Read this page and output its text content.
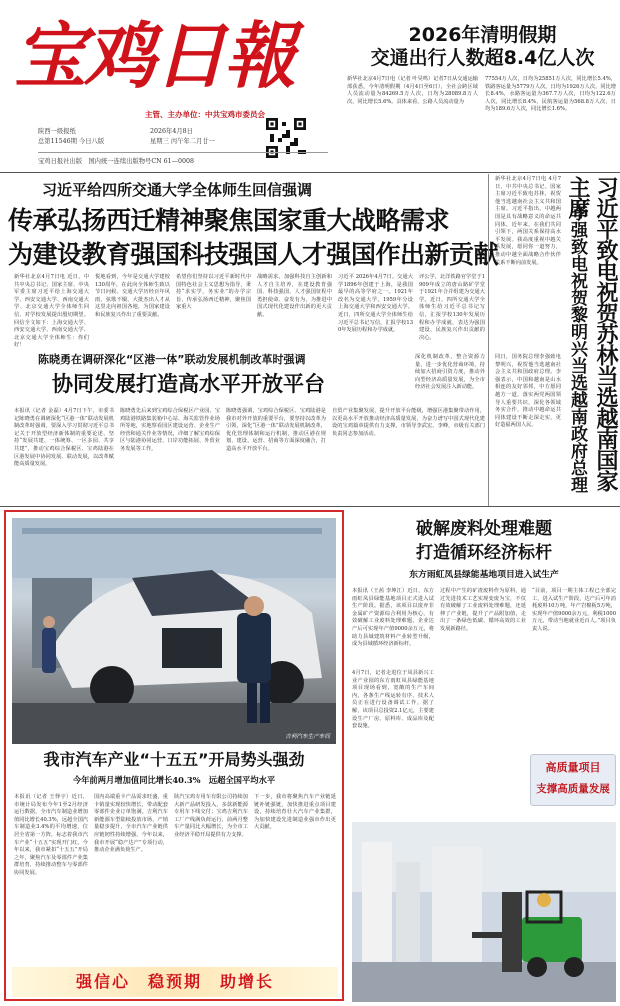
宝鸡日報
主管、主办单位：中共宝鸡市委员会
陕西一级报纸
总第11546期 今日八版
2026年4月8日
星期三 丙午年二月廿一
宝鸡日报社出版　国内统一连续出版物号CN 61—0008
2026年清明假期
交通出行人数超8.4亿人次
新华社北京4月7日电（记者 叶昊鸣）记者7日从交通运输部获悉，今年清明假期（4月4日至6日），全社会跨区域人员流动量为84269.5万人次，日均为28089.8万人次，同比增长5.6%。具体来看，公路人员流动量为
77554万人次，日均为25851万人次，同比增长5.4%，铁路客运量为5779万人次，日均为1926万人次，同比增长8.4%，水路客运量为367.7万人次，日均为122.6万人次，同比增长8.4%，民航客运量为568.8万人次，日均为189.6万人次，同比增长1.6%。
习近平给四所交通大学全体师生回信强调
传承弘扬西迁精神聚焦国家重大战略需求
为建设教育强国科技强国人才强国作出新贡献
新华社北京4月7日电 近日，中共中央总书记、国家主席、中央军委主席习近平给上海交通大学、西安交通大学、西南交通大学、北京交通大学全体师生回信，对学校发展提出殷切期望。回信全文如下：上海交通大学、西安交通大学、西南交通大学、北京交通大学全体师生：你们好！
悦地看到，今年是交通大学建校130周年，在此向全体师生致以节日问候。交通大学历经百年风雨，弦歌不辍，大批杰出人才从这里走向祖国各地，为国家建设和民族复兴作出了重要贡献。
希望你们坚持以习近平新时代中国特色社会主义思想为指导，秉持“求实学，务实业”的办学宗旨，传承弘扬西迁精神，聚焦国家重大
战略需求，加强科技自主创新和人才自主培养，在建设教育强国、科技强国、人才强国征程中勇担使命、奋发有为，为推进中国式现代化建设作出新的更大贡献。
习近平 2026年4月7日。交通大学1896年创建于上海，是我国最早的高等学府之一。1921年改名为交通大学，1959年分设上海交通大学和西安交通大学。近日，四所交通大学全体师生给习近平总书记写信，汇报学校130年发展历程和办学成就。
评公学，北洋铁路官学堂于1909年成立的唐山路矿学堂于1921年合并组建为交通大学。近日，四所交通大学全体师生给习近平总书记写信，汇报学校130年发展历程和办学成就，表达为强国建设、民族复兴作出贡献的决心。
陈晓勇在调研深化“区港一体”联动发展机制改革时强调
协同发展打造高水平开放平台
深化机制改革，整合资源力量，进一步优化营商环境，持续加大招商引资力度，推动外向型经济高质量发展，为全市经济社会发展注入新动能。
本报讯（记者 金磊）4月7日下午，市委书记陈晓勇在调研深化“区港一体”联动发展机制改革时强调，要深入学习贯彻习近平总书记关于开放型经济新体制的重要论述，坚持“发展共建、一体统筹、一区多园、共享共建”，推动宝鸡综合保税区、宝鸡陆港在区港发展中协同发展、联动发展，以改革赋能高质量发展。
陈晓勇先后来到宝鸡综合保税区产业园、宝鸡陆港铁路集装箱中心站、海关监管作业场所等地，实地察看园区建设运营、企业生产经营和通关作业等情况，详细了解宝鸡综保区与陆港协同运营、口岸功能拓展、外贸业务发展等工作。
陈晓勇强调，宝鸡综合保税区、宝鸡陆港是我市对外开放的重要平台，要坚持以改革为引领，深化“区港一体”联动发展机制改革，优化管理体制和运行机制，推动区港在规划、建设、运营、招商等方面深度融合，打造高水平开放平台。
自贸产业集聚发展，提升开放平台能级，增强区港集聚带动作用，以更高水平开放推动经济高质量发展，为奋力谱写中国式现代化建设的宝鸡篇章提供有力支撑。市领导李武宏、李峰，市级有关部门负责同志参加活动。
新华社北京4月7日电 4月7日，中共中央总书记、国家主席习近平致电苏林，祝贺他当选越南社会主义共和国主席。习近平指出，中越两国是具有战略意义的命运共同体，近年来，在我们共同引领下，两国关系保持高水平发展。我高度重视中越关系发展，愿同你一道努力，推动中越全面战略合作伙伴关系不断向前发展。
同日，国务院总理李强致电黎明兴，祝贺他当选越南社会主义共和国政府总理。李强表示，中国和越南是山水相连的友好邻邦，中方愿同越方一道，落实两党两国领导人重要共识，深化各领域务实合作，推动中越命运共同体建设不断走深走实，更好造福两国人民。	李强致电祝贺黎明兴当选越南政府总理 习近平致电祝贺苏林当选越南国家主席
吉利汽车生产车间
我市汽车产业“十五五”开局势头强劲
今年前两月增加值同比增长40.3%　远超全国平均水平
本报讯（记者 王怿宇）近日，市统计局发布今年1至2月经济运行数据，全市汽车制造业增加值同比增长40.3%，远超全国汽车制造业3.4%的平均增速，位居全省第一方阵，标志着我市汽车产业“十五五”实现开门红。今年以来，我市紧扣“十五五”开局之年，聚焦汽车及零部件产业集群培育，持续推动整车与零部件协同发展。
国内高端重卡产品需求旺盛，重卡销量实现较快增长，带动配套零部件企业订单饱满。吉利汽车新能源车型陆续投放市场，产销量稳步提升，全市汽车产业链供应链韧性持续增强。今年以来，我市开展“稳产达产”专项行动，推动企业满负荷生产。
陕汽宝鸡专用车有限公司持续加大新产品研发投入，多款新能源专用车下线交付；宝鸡吉利汽车工厂产线满负荷运行，前两月整车产量同比大幅增长，为全市工业经济平稳开局提供有力支撑。
下一步，我市将聚焦汽车产业链延链补链强链，加快推进重点项目建设，持续培育壮大汽车产业集群，为加快建设先进制造业强市作出更大贡献。
强信心　稳预期　助增长
破解废料处理难题
打造循环经济标杆
东方雨虹凤县绿能基地项目进入试生产
本报讯（王茜 李坤江）近日，东方雨虹凤县绿能基地项目正式进入试生产阶段。据悉，该项目以废弃非金属矿产资源综合利用为核心，有效破解工业废料处理难题，企业达产后可实现年产值9000余万元，将助力县域建筑材料产业转型升级，成为县域循环经济新标杆。
4月7日，记者走进位于凤县新兴工业产业园的东方雨虹凤县绿能基地项目现场看到，宽敞的生产车间内，各条生产线运转有序，技术人员正在进行设备调试工作。据了解，该项目总投资2.1亿元，主要建设生产厂房、原料库、成品库及配套设施。
过程中产生的矿渣废料作为原料，通过先进技术工艺实现变废为宝，不仅有效破解了工业废料处理难题，还延伸了产业链，提升了产品附加值，走出了一条绿色低碳、循环高效的工业发展新路径。
“目前，项目一期主体工程已全部完工，进入试生产阶段，达产后可年消耗废料10万吨，年产岩棉板5万吨，实现年产值9000余万元，利税1000万元，带动当地就业近百人。”项目负责人说。
高质量项目
支撑高质量发展
